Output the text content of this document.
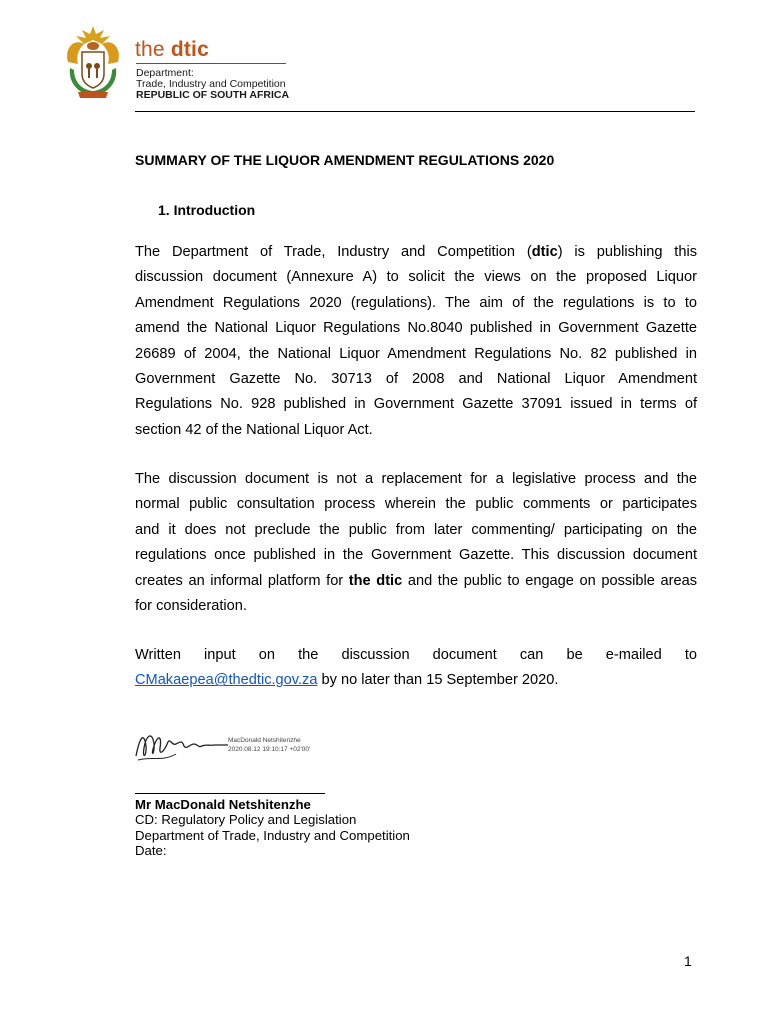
the dtic
Department:
Trade, Industry and Competition
REPUBLIC OF SOUTH AFRICA
SUMMARY OF THE LIQUOR AMENDMENT REGULATIONS 2020
1. Introduction
The Department of Trade, Industry and Competition (dtic) is publishing this
discussion document (Annexure A) to solicit the views on the proposed Liquor
Amendment Regulations 2020 (regulations). The aim of the regulations is to to
amend the National Liquor Regulations No.8040 published in Government Gazette
26689 of 2004, the National Liquor Amendment Regulations No. 82 published in
Government Gazette No. 30713 of 2008 and National Liquor Amendment
Regulations No. 928 published in Government Gazette 37091 issued in terms of
section 42 of the National Liquor Act.
The discussion document is not a replacement for a legislative process and the
normal public consultation process wherein the public comments or participates
and it does not preclude the public from later commenting/ participating on the
regulations once published in the Government Gazette. This discussion document
creates an informal platform for the dtic and the public to engage on possible areas
for consideration.
Written input on the discussion document can be e-mailed to
CMakaepea@thedtic.gov.za by no later than 15 September 2020.
MacDonald Netshitenzhe
2020.08.12 19:10:17 +02'00'
Mr MacDonald Netshitenzhe
CD: Regulatory Policy and Legislation
Department of Trade, Industry and Competition
Date:
1
